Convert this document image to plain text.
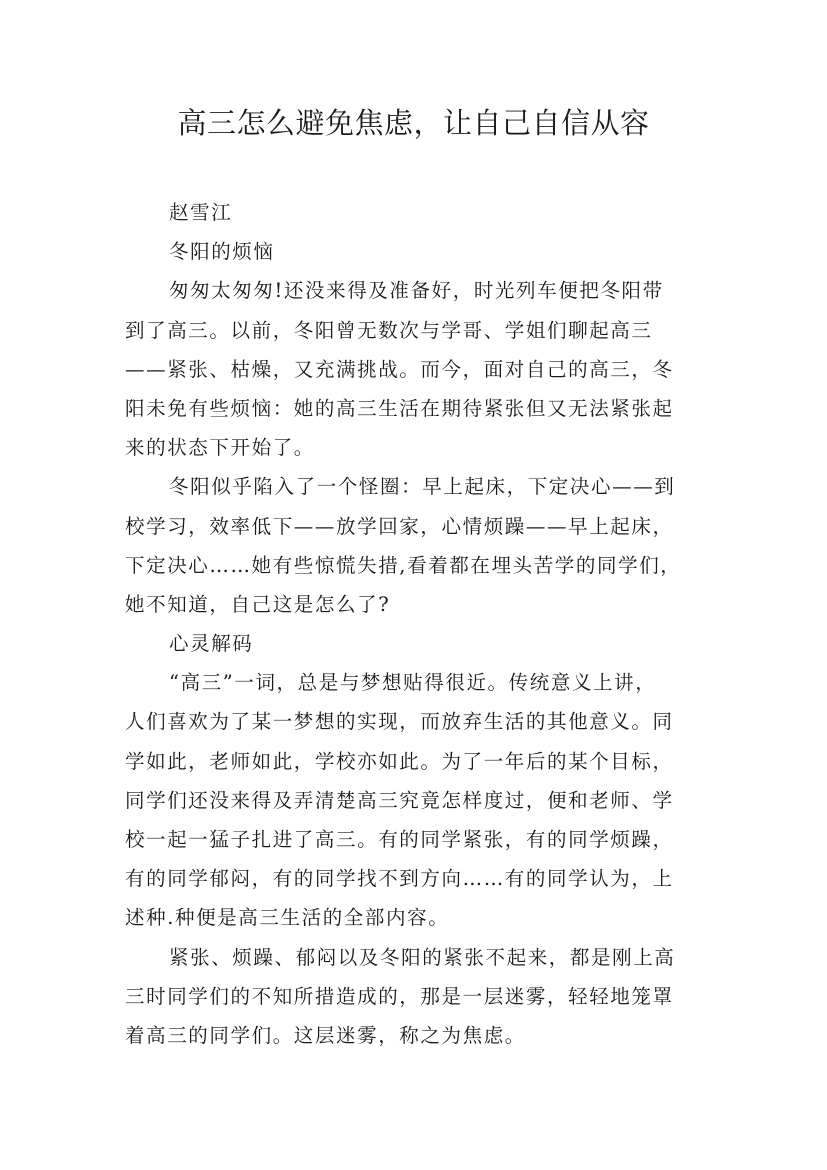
高三怎么避免焦虑，让自己自信从容
赵雪江
冬阳的烦恼
匆匆太匆匆!还没来得及准备好，时光列车便把冬阳带
到了高三。以前，冬阳曾无数次与学哥、学姐们聊起高三
——紧张、枯燥，又充满挑战。而今，面对自己的高三，冬
阳未免有些烦恼：她的高三生活在期待紧张但又无法紧张起
来的状态下开始了。
冬阳似乎陷入了一个怪圈：早上起床，下定决心——到
校学习，效率低下——放学回家，心情烦躁——早上起床，
下定决心……她有些惊慌失措,看着都在埋头苦学的同学们，
她不知道，自己这是怎么了?
心灵解码
“高三”一词，总是与梦想贴得很近。传统意义上讲，
人们喜欢为了某一梦想的实现，而放弃生活的其他意义。同
学如此，老师如此，学校亦如此。为了一年后的某个目标，
同学们还没来得及弄清楚高三究竟怎样度过，便和老师、学
校一起一猛子扎进了高三。有的同学紧张，有的同学烦躁，
有的同学郁闷，有的同学找不到方向……有的同学认为，上
述种.种便是高三生活的全部内容。
紧张、烦躁、郁闷以及冬阳的紧张不起来，都是刚上高
三时同学们的不知所措造成的，那是一层迷雾，轻轻地笼罩
着高三的同学们。这层迷雾，称之为焦虑。
